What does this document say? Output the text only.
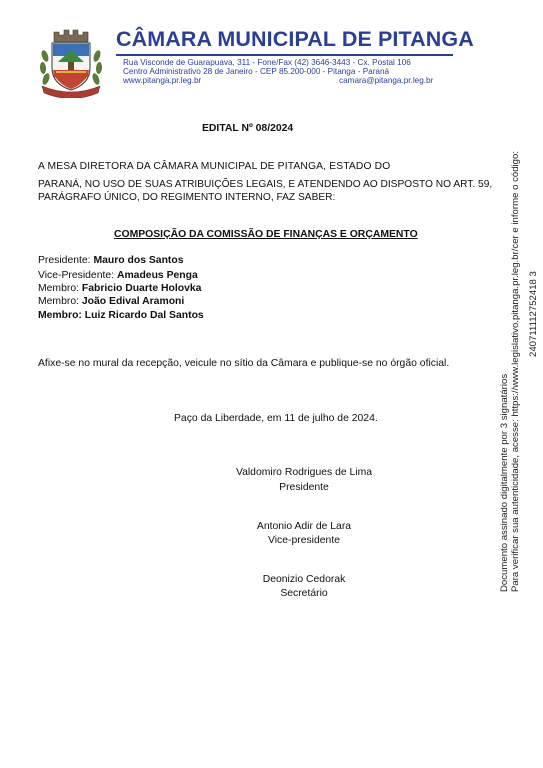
CÂMARA MUNICIPAL DE PITANGA
Rua Visconde de Guarapuava, 311 - Fone/Fax (42) 3646-3443 - Cx. Postal 106
Centro Administrativo 28 de Janeiro - CEP 85.200-000 - Pitanga - Paraná
www.pitanga.pr.leg.br	camara@pitanga.pr.leg.br
EDITAL Nº 08/2024
A MESA DIRETORA DA CÂMARA MUNICIPAL DE PITANGA, ESTADO DO
PARANÁ, NO USO DE SUAS ATRIBUIÇÕES LEGAIS, E ATENDENDO AO DISPOSTO NO ART. 59,
PARÁGRAFO ÚNICO, DO REGIMENTO INTERNO, FAZ SABER:
COMPOSIÇÃO DA COMISSÃO DE FINANÇAS E ORÇAMENTO
Presidente: Mauro dos Santos
Vice-Presidente: Amadeus Penga
Membro: Fabricio Duarte Holovka
Membro: João Edival Aramoni
Membro: Luiz Ricardo Dal Santos
Afixe-se no mural da recepção, veicule no sítio da Câmara e publique-se no órgão oficial.
Paço da Liberdade, em 11 de julho de 2024.
Valdomiro Rodrigues de Lima
Presidente
Antonio Adir de Lara
Vice-presidente
Deonizio Cedorak
Secretário
Documento assinado digitalmente por 3 signatários Para verificar sua autenticidade, acesse: https://www.legislativo.pitanga.pr.leg.br/cer e informe o código: 240711112752418 3
